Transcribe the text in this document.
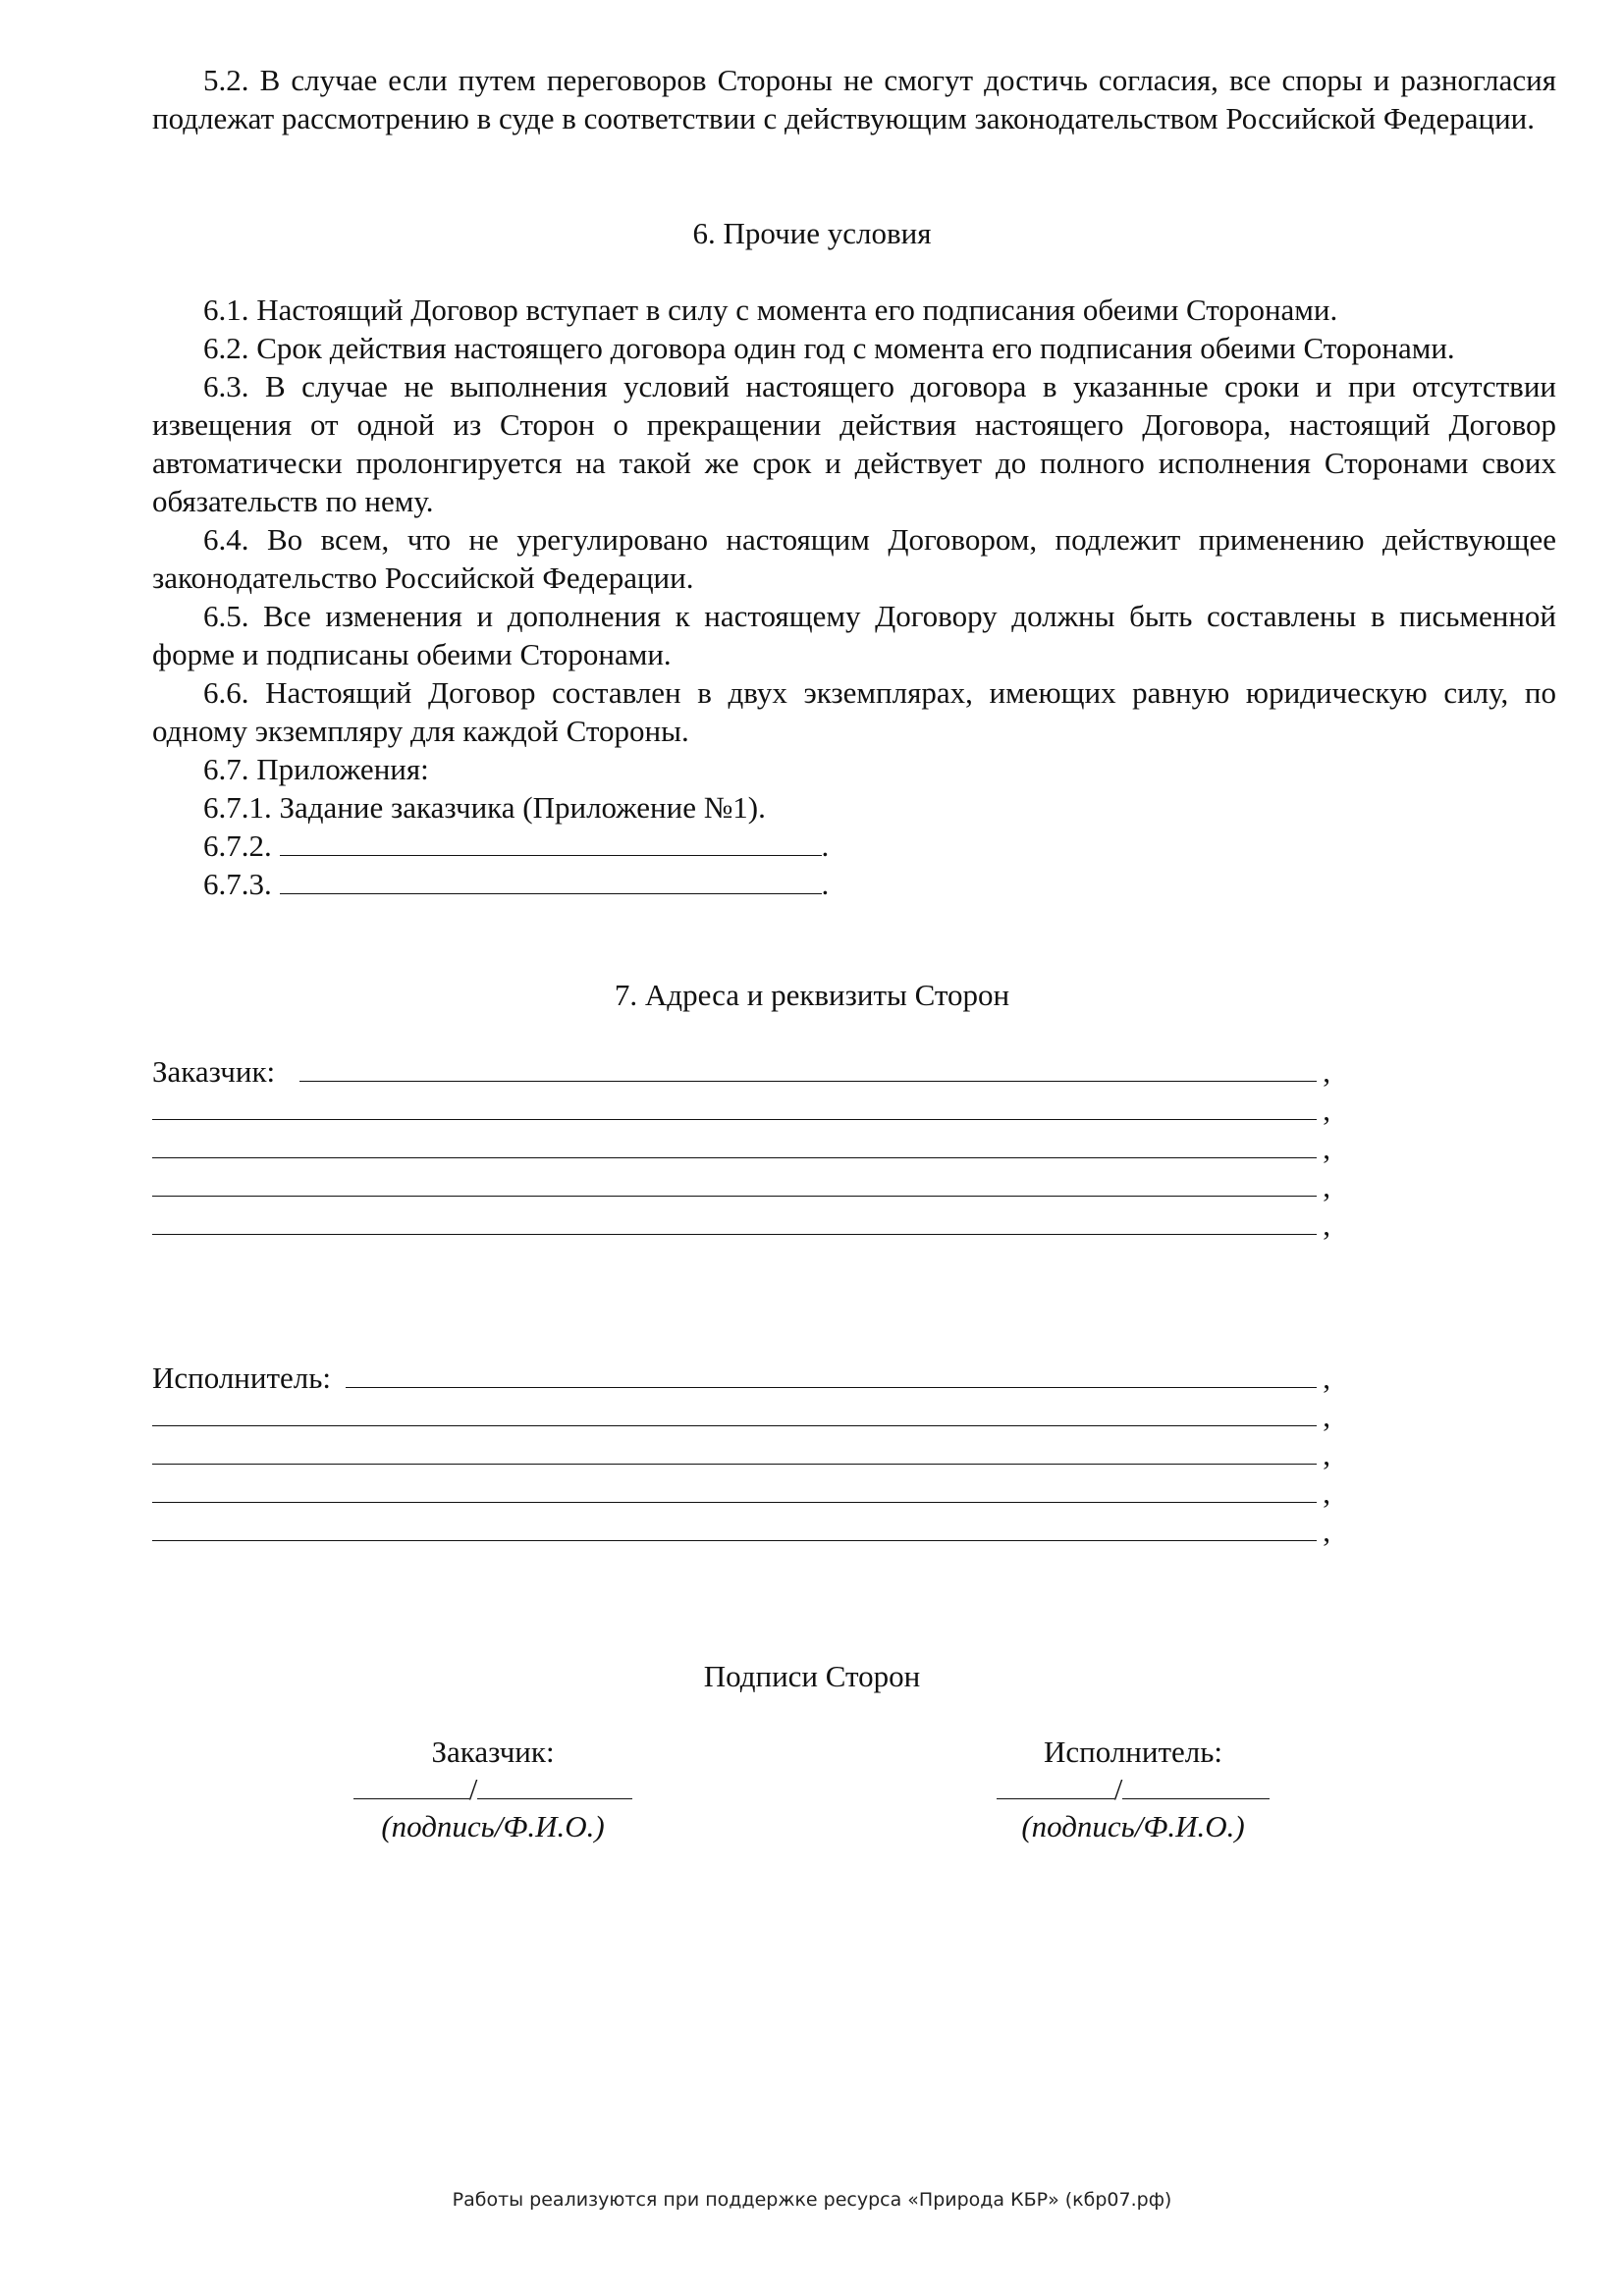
5.2. В случае если путем переговоров Стороны не смогут достичь согласия, все споры и разногласия подлежат рассмотрению в суде в соответствии с действующим законодательством Российской Федерации.
6. Прочие условия
6.1. Настоящий Договор вступает в силу с момента его подписания обеими Сторонами.
6.2. Срок действия настоящего договора один год с момента его подписания обеими Сторонами.
6.3. В случае не выполнения условий настоящего договора в указанные сроки и при отсутствии извещения от одной из Сторон о прекращении действия настоящего Договора, настоящий Договор автоматически пролонгируется на такой же срок и действует до полного исполнения Сторонами своих обязательств по нему.
6.4. Во всем, что не урегулировано настоящим Договором, подлежит применению действующее законодательство Российской Федерации.
6.5. Все изменения и дополнения к настоящему Договору должны быть составлены в письменной форме и подписаны обеими Сторонами.
6.6. Настоящий Договор составлен в двух экземплярах, имеющих равную юридическую силу, по одному экземпляру для каждой Стороны.
6.7. Приложения:
6.7.1. Задание заказчика (Приложение №1).
6.7.2.	.
6.7.3.	.
7. Адреса и реквизиты Сторон
Заказчик:	,
,
,
,
,
Исполнитель:	,
,
,
,
,
Подписи Сторон
Заказчик:
/
(подпись/Ф.И.О.)
Исполнитель:
/
(подпись/Ф.И.О.)
Работы реализуются при поддержке ресурса «Природа КБР» (кбр07.рф)
